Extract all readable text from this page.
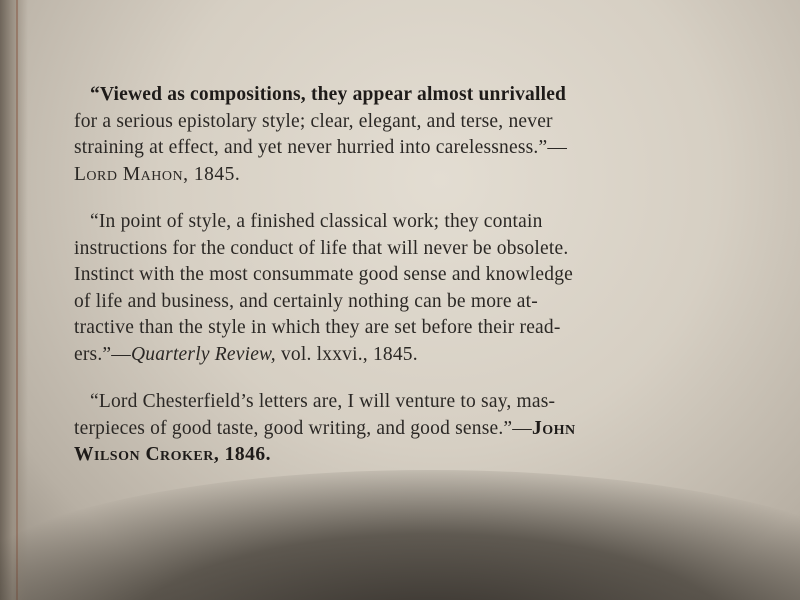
“Viewed as compositions, they appear almost unrivalled
for a serious epistolary style; clear, elegant, and terse, never
straining at effect, and yet never hurried into carelessness.”—
Lord Mahon, 1845.
“In point of style, a finished classical work; they contain
instructions for the conduct of life that will never be obsolete.
Instinct with the most consummate good sense and knowledge
of life and business, and certainly nothing can be more at-
tractive than the style in which they are set before their read-
ers.”—Quarterly Review, vol. lxxvi., 1845.
“Lord Chesterfield’s letters are, I will venture to say, mas-
terpieces of good taste, good writing, and good sense.”—John
Wilson Croker, 1846.
